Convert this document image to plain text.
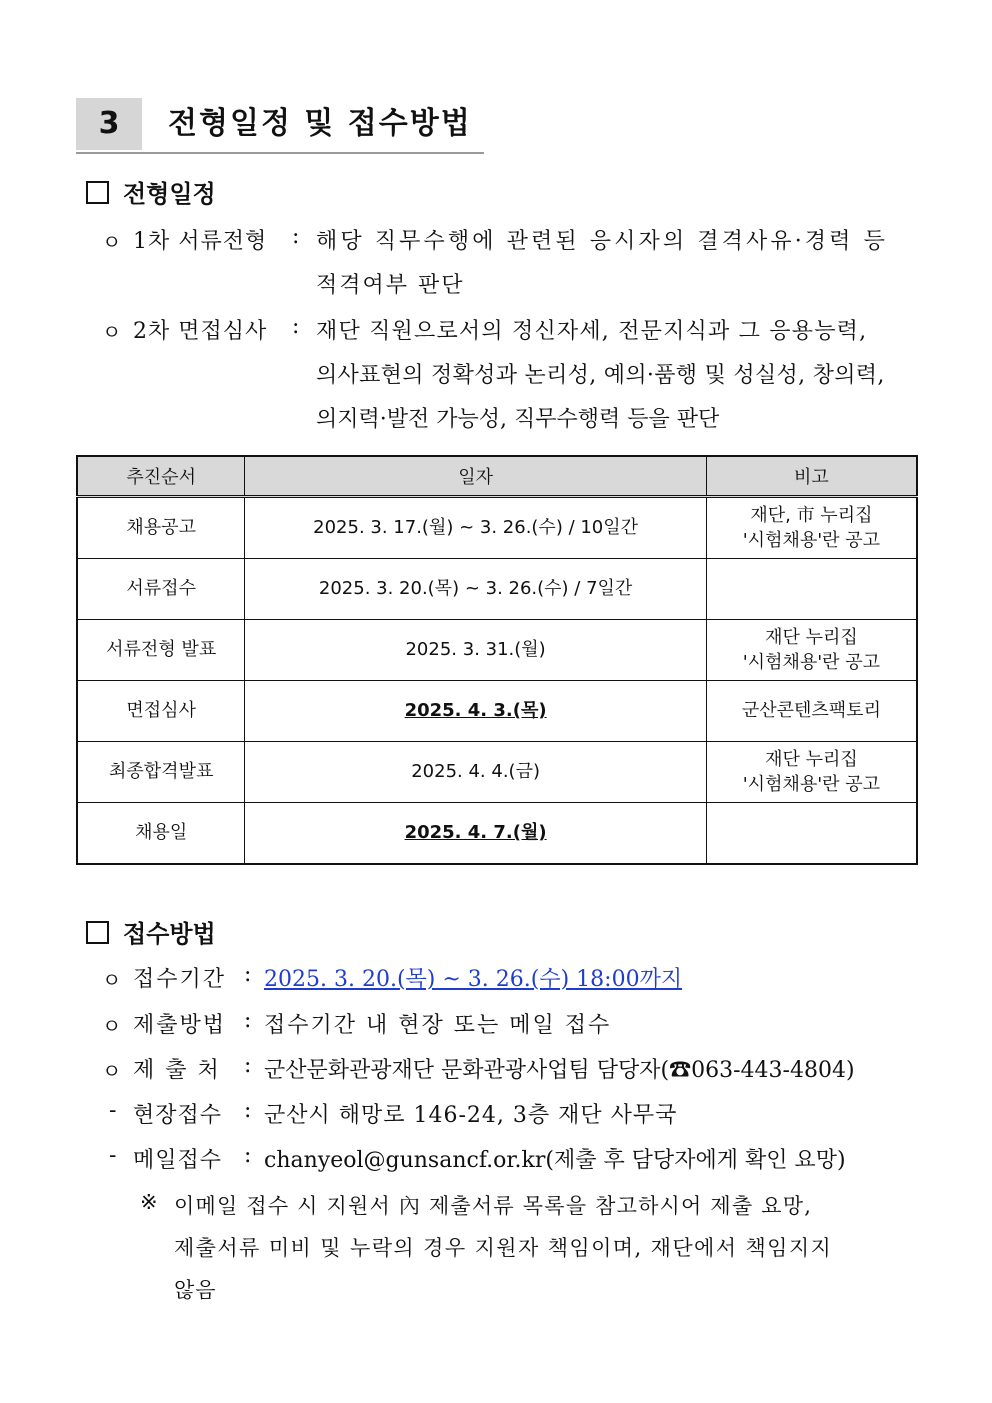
3	전형일정 및 접수방법
전형일정
ㅇ 1차 서류전형 : 해당 직무수행에 관련된 응시자의 결격사유·경력 등
적격여부 판단
ㅇ 2차 면접심사 : 재단 직원으로서의 정신자세, 전문지식과 그 응용능력,
의사표현의 정확성과 논리성, 예의·품행 및 성실성, 창의력,
의지력·발전 가능성, 직무수행력 등을 판단
추진순서	일자	비고
채용공고	2025. 3. 17.(월) ~ 3. 26.(수) / 10일간	재단, 市 누리집
'시험채용'란 공고

서류접수	2025. 3. 20.(목) ~ 3. 26.(수) / 7일간	
서류전형 발표	2025. 3. 31.(월)	재단 누리집
'시험채용'란 공고

면접심사	2025. 4. 3.(목)	군산콘텐츠팩토리
최종합격발표	2025. 4. 4.(금)	재단 누리집
'시험채용'란 공고

채용일	2025. 4. 7.(월)	
접수방법
ㅇ 접수기간 : 2025. 3. 20.(목) ~ 3. 26.(수) 18:00까지
ㅇ 제출방법 : 접수기간 내 현장 또는 메일 접수
ㅇ 제 출 처 : 군산문화관광재단 문화관광사업팀 담당자(☎063-443-4804)
- 현장접수 : 군산시 해망로 146-24, 3층 재단 사무국
- 메일접수 : chanyeol@gunsancf.or.kr(제출 후 담당자에게 확인 요망)
※ 이메일 접수 시 지원서 內 제출서류 목록을 참고하시어 제출 요망,
제출서류 미비 및 누락의 경우 지원자 책임이며, 재단에서 책임지지
않음
